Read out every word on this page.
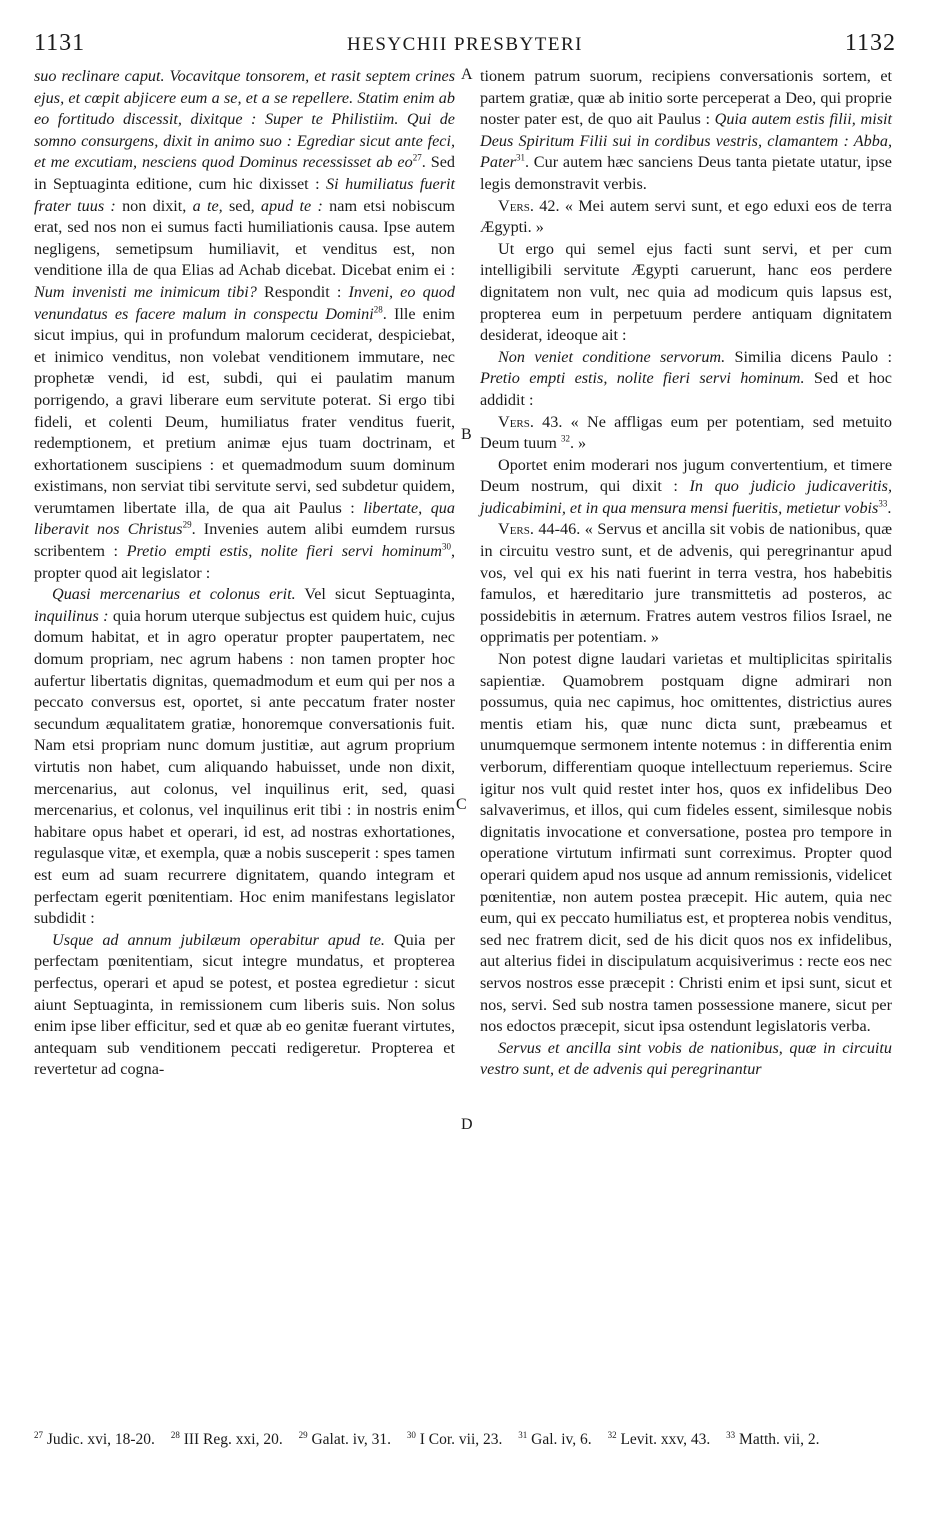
1131	HESYCHII PRESBYTERI	1132
A
B
C
D

suo reclinare caput. Vocavitque tonsorem, et rasit septem crines ejus, et cœpit abjicere eum a se, et a se repellere. Statim enim ab eo fortitudo discessit, dixitque : Super te Philistiim. Qui de somno consurgens, dixit in animo suo : Egrediar sicut ante feci, et me excutiam, nesciens quod Dominus recessisset ab $eo^{27}$. Sed in Septuaginta editione, cum hic dixisset : Si humiliatus fuerit frater tuus : non dixit, a te, sed, apud te : nam etsi nobiscum erat, sed nos non ei sumus facti humiliationis causa. Ipse autem negligens, semetipsum humiliavit, et venditus est, non venditione illa de qua Elias ad Achab dicebat. Dicebat enim ei : Num invenisti me inimicum tibi? Respondit : Inveni, eo quod venundatus es facere malum in conspectu Domini$^{28}$. Ille enim sicut impius, qui in profundum malorum ceciderat, despiciebat, et inimico venditus, non volebat venditionem immutare, nec prophetæ vendi, id est, subdi, qui ei paulatim manum porrigendo, a gravi liberare eum servitute poterat. Si ergo tibi fideli, et colenti Deum, humiliatus frater venditus fuerit, redemptionem, et pretium animæ ejus tuam doctrinam, et exhortationem suscipiens : et quemadmodum suum dominum existimans, non serviat tibi servitute servi, sed subdetur quidem, verumtamen libertate illa, de qua ait Paulus : libertate, qua liberavit nos Christus$^{29}$. Invenies autem alibi eumdem rursus scribentem : Pretio empti estis, nolite fieri servi hominum$^{30}$, propter quod ait legislator :

Quasi mercenarius et colonus erit. Vel sicut Septuaginta, inquilinus : quia horum uterque subjectus est quidem huic, cujus domum habitat, et in agro operatur propter paupertatem, nec domum propriam, nec agrum habens : non tamen propter hoc aufertur libertatis dignitas, quemadmodum et eum qui per nos a peccato conversus est, oportet, si ante peccatum frater noster secundum æqualitatem gratiæ, honoremque conversationis fuit. Nam etsi propriam nunc domum justitiæ, aut agrum proprium virtutis non habet, cum aliquando habuisset, unde non dixit, mercenarius, aut colonus, vel inquilinus erit, sed, quasi mercenarius, et colonus, vel inquilinus erit tibi : in nostris enim habitare opus habet et operari, id est, ad nostras exhortationes, regulasque vitæ, et exempla, quæ a nobis susceperit : spes tamen est eum ad suam recurrere dignitatem, quando integram et perfectam egerit pœnitentiam. Hoc enim manifestans legislator subdidit :

Usque ad annum jubilæum operabitur apud te. Quia per perfectam pœnitentiam, sicut integre mundatus, et propterea perfectus, operari et apud se potest, et postea egredietur : sicut aiunt Septuaginta, in remissionem cum liberis suis. Non solus enim ipse liber efficitur, sed et quæ ab eo genitæ fuerant virtutes, antequam sub venditionem peccati redigeretur. Propterea et revertetur ad cogna-

tionem patrum suorum, recipiens conversationis sortem, et partem gratiæ, quæ ab initio sorte perceperat a Deo, qui proprie noster pater est, de quo ait Paulus : Quia autem estis filii, misit Deus Spiritum Filii sui in cordibus vestris, clamantem : Abba, Pater$^{31}$. Cur autem hæc sanciens Deus tanta pietate utatur, ipse legis demonstravit verbis.

Vers. 42. « Mei autem servi sunt, et ego eduxi eos de terra Ægypti. »

Ut ergo qui semel ejus facti sunt servi, et per cum intelligibili servitute Ægypti caruerunt, hanc eos perdere dignitatem non vult, nec quia ad modicum quis lapsus est, propterea eum in perpetuum perdere antiquam dignitatem desiderat, ideoque ait :

Non veniet conditione servorum. Similia dicens Paulo : Pretio empti estis, nolite fieri servi hominum. Sed et hoc addidit :

Vers. 43. « Ne affligas eum per potentiam, sed metuito Deum tuum $^{32}$. »

Oportet enim moderari nos jugum convertentium, et timere Deum nostrum, qui dixit : In quo judicio judicaveritis, judicabimini, et in qua mensura mensi fueritis, metietur vobis$^{33}$.

Vers. 44-46. « Servus et ancilla sit vobis de nationibus, quæ in circuitu vestro sunt, et de advenis, qui peregrinantur apud vos, vel qui ex his nati fuerint in terra vestra, hos habebitis famulos, et hæreditario jure transmittetis ad posteros, ac possidebitis in æternum. Fratres autem vestros filios Israel, ne opprimatis per potentiam. »

Non potest digne laudari varietas et multiplicitas spiritalis sapientiæ. Quamobrem postquam digne admirari non possumus, quia nec capimus, hoc omittentes, districtius aures mentis etiam his, quæ nunc dicta sunt, præbeamus et unumquemque sermonem intente notemus : in differentia enim verborum, differentiam quoque intellectuum reperiemus. Scire igitur nos vult quid restet inter hos, quos ex infidelibus Deo salvaverimus, et illos, qui cum fideles essent, similesque nobis dignitatis invocatione et conversatione, postea pro tempore in operatione virtutum infirmati sunt correximus. Propter quod operari quidem apud nos usque ad annum remissionis, videlicet pœnitentiæ, non autem postea præcepit. Hic autem, quia nec eum, qui ex peccato humiliatus est, et propterea nobis venditus, sed nec fratrem dicit, sed de his dicit quos nos ex infidelibus, aut alterius fidei in discipulatum acquisiverimus : recte eos nec servos nostros esse præcepit : Christi enim et ipsi sunt, sicut et nos, servi. Sed sub nostra tamen possessione manere, sicut per nos edoctos præcepit, sicut ipsa ostendunt legislatoris verba.

Servus et ancilla sint vobis de nationibus, quæ in circuitu vestro sunt, et de advenis qui peregrinantur

$^{27}$ Judic. xvi, 18-20. $^{28}$ III Reg. xxi, 20. $^{29}$ Galat. iv, 31. $^{30}$ I Cor. vii, 23. $^{31}$ Gal. iv, 6. $^{32}$ Levit. xxv, 43. $^{33}$ Matth. vii, 2.
